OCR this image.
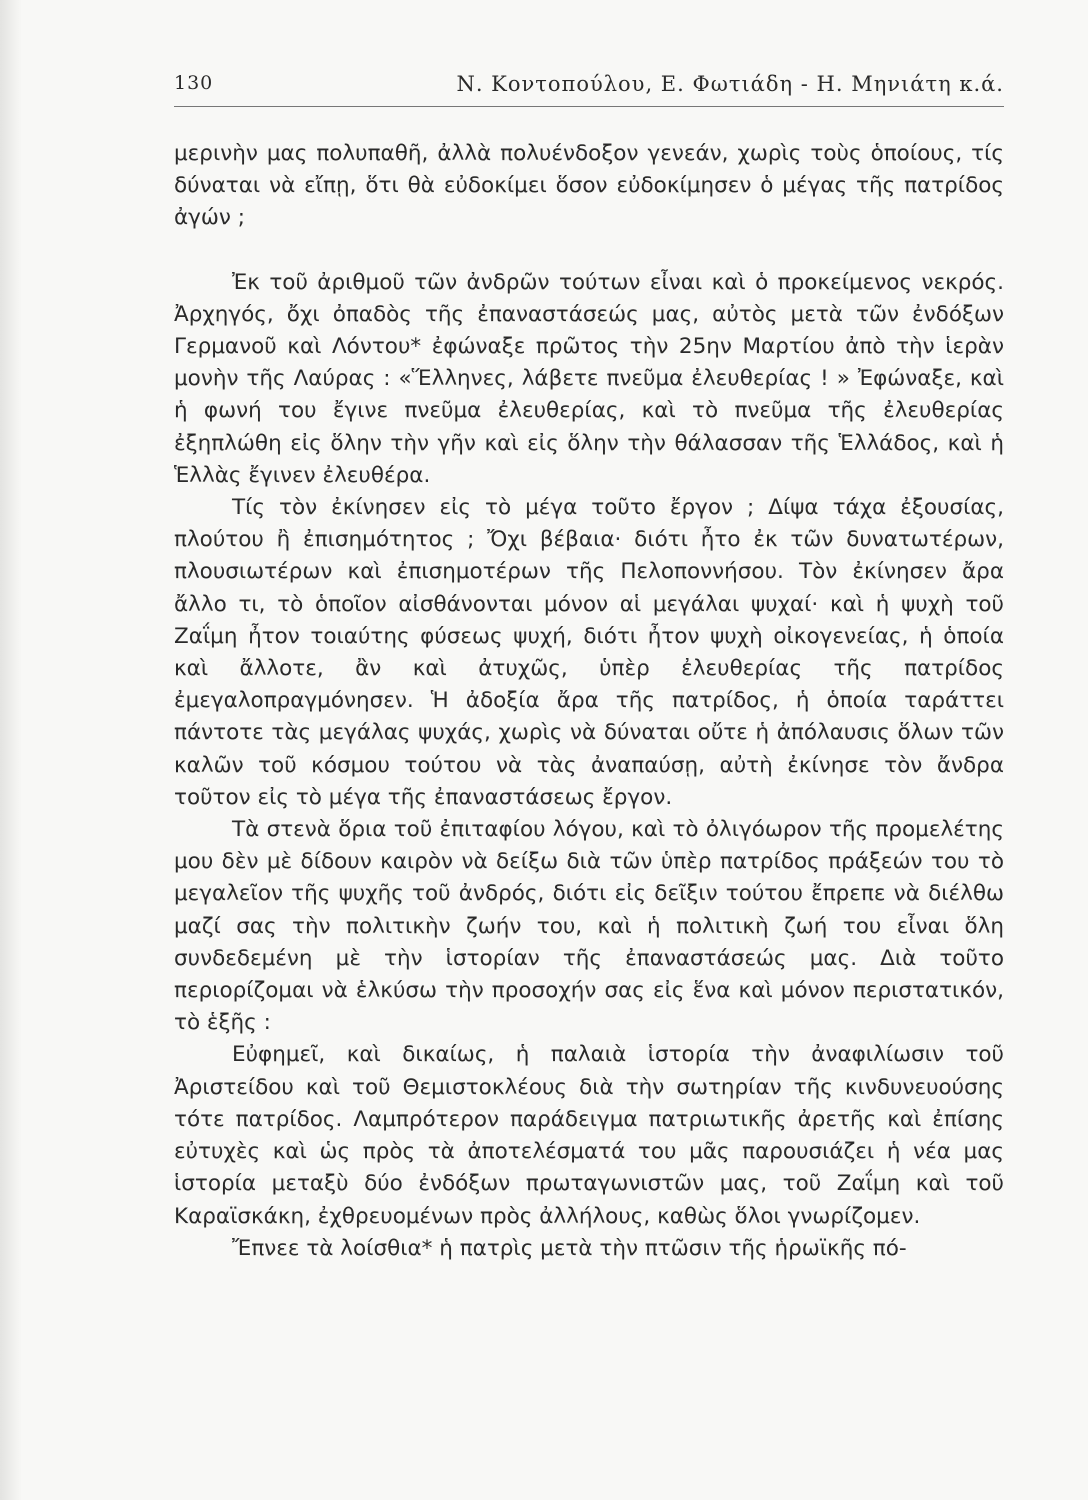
130	Ν. Κοντοπούλου, Ε. Φωτιάδη - Η. Μηνιάτη κ.ά.

μερινὴν μας πολυπαθῆ, ἀλλὰ πολυένδοξον γενεάν, χωρὶς τοὺς ὁποίους, τίς δύναται νὰ εἴπῃ, ὅτι θὰ εὐδοκίμει ὅσον εὐδοκίμησεν ὁ μέγας τῆς πατρίδος ἀγών ;

Ἐκ τοῦ ἀριθμοῦ τῶν ἀνδρῶν τούτων εἶναι καὶ ὁ προκείμενος νεκρός. Ἀρχηγός, ὄχι ὀπαδὸς τῆς ἐπαναστάσεώς μας, αὐτὸς μετὰ τῶν ἐνδόξων Γερμανοῦ καὶ Λόντου* ἐφώναξε πρῶτος τὴν 25ην Μαρτίου ἀπὸ τὴν ἱερὰν μονὴν τῆς Λαύρας : «Ἕλληνες, λάβετε πνεῦμα ἐλευθερίας ! » Ἐφώναξε, καὶ ἡ φωνή του ἔγινε πνεῦμα ἐλευθερίας, καὶ τὸ πνεῦμα τῆς ἐλευθερίας ἐξηπλώθη εἰς ὅλην τὴν γῆν καὶ εἰς ὅλην τὴν θάλασσαν τῆς Ἑλλάδος, καὶ ἡ Ἑλλὰς ἔγινεν ἐλευθέρα.

Τίς τὸν ἐκίνησεν εἰς τὸ μέγα τοῦτο ἔργον ; Δίψα τάχα ἐξουσίας, πλούτου ἢ ἐπισημότητος ; Ὄχι βέβαια· διότι ἦτο ἐκ τῶν δυνατωτέρων, πλουσιωτέρων καὶ ἐπισημοτέρων τῆς Πελοποννήσου. Τὸν ἐκίνησεν ἄρα ἄλλο τι, τὸ ὁποῖον αἰσθάνονται μόνον αἱ μεγάλαι ψυχαί· καὶ ἡ ψυχὴ τοῦ Ζαΐμη ἦτον τοιαύτης φύσεως ψυχή, διότι ἦτον ψυχὴ οἰκογενείας, ἡ ὁποία καὶ ἄλλοτε, ἂν καὶ ἀτυχῶς, ὑπὲρ ἐλευθερίας τῆς πατρίδος ἐμεγαλοπραγμόνησεν. Ἡ ἀδοξία ἄρα τῆς πατρίδος, ἡ ὁποία ταράττει πάντοτε τὰς μεγάλας ψυχάς, χωρὶς νὰ δύναται οὔτε ἡ ἀπόλαυσις ὅλων τῶν καλῶν τοῦ κόσμου τούτου νὰ τὰς ἀναπαύσῃ, αὐτὴ ἐκίνησε τὸν ἄνδρα τοῦτον εἰς τὸ μέγα τῆς ἐπαναστάσεως ἔργον.

Τὰ στενὰ ὅρια τοῦ ἐπιταφίου λόγου, καὶ τὸ ὀλιγόωρον τῆς προμελέτης μου δὲν μὲ δίδουν καιρὸν νὰ δείξω διὰ τῶν ὑπὲρ πατρίδος πράξεών του τὸ μεγαλεῖον τῆς ψυχῆς τοῦ ἀνδρός, διότι εἰς δεῖξιν τούτου ἔπρεπε νὰ διέλθω μαζί σας τὴν πολιτικὴν ζωήν του, καὶ ἡ πολιτικὴ ζωή του εἶναι ὅλη συνδεδεμένη μὲ τὴν ἱστορίαν τῆς ἐπαναστάσεώς μας. Διὰ τοῦτο περιορίζομαι νὰ ἑλκύσω τὴν προσοχήν σας εἰς ἕνα καὶ μόνον περιστατικόν, τὸ ἑξῆς :

Εὐφημεῖ, καὶ δικαίως, ἡ παλαιὰ ἱστορία τὴν ἀναφιλίωσιν τοῦ Ἀριστείδου καὶ τοῦ Θεμιστοκλέους διὰ τὴν σωτηρίαν τῆς κινδυνευούσης τότε πατρίδος. Λαμπρότερον παράδειγμα πατριωτικῆς ἀρετῆς καὶ ἐπίσης εὐτυχὲς καὶ ὡς πρὸς τὰ ἀποτελέσματά του μᾶς παρουσιάζει ἡ νέα μας ἱστορία μεταξὺ δύο ἐνδόξων πρωταγωνιστῶν μας, τοῦ Ζαΐμη καὶ τοῦ Καραϊσκάκη, ἐχθρευομένων πρὸς ἀλλήλους, καθὼς ὅλοι γνωρίζομεν.

Ἔπνεε τὰ λοίσθια* ἡ πατρὶς μετὰ τὴν πτῶσιν τῆς ἡρωϊκῆς πό-
